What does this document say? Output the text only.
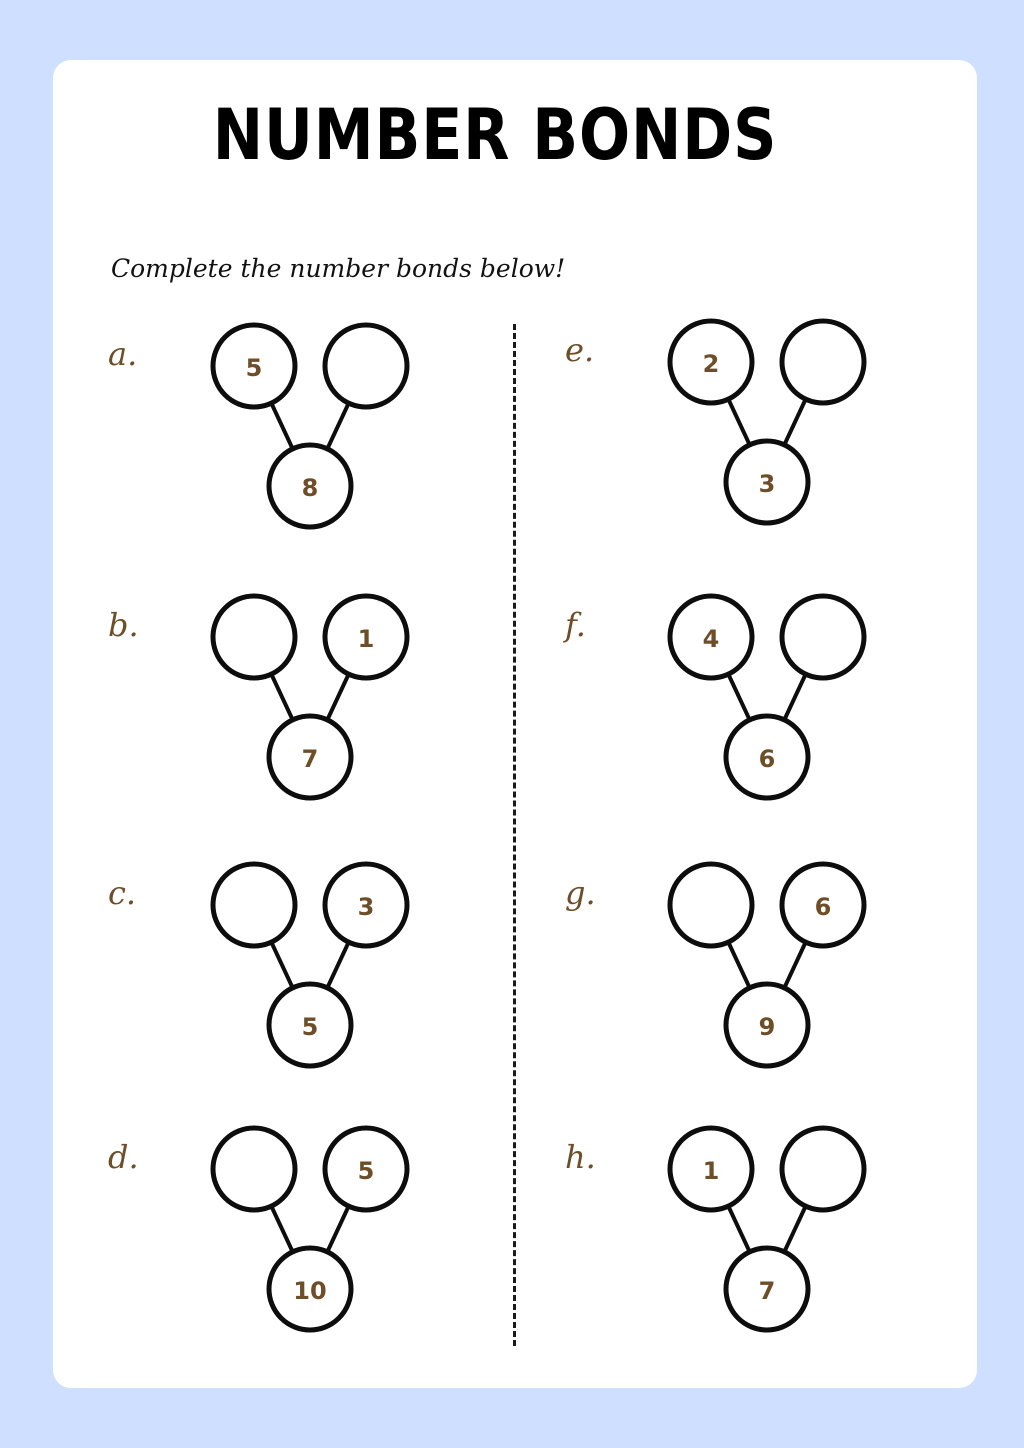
NUMBER BONDS

Complete the number bonds below!

a.	5
8
b.	1
7
c.	3
5
d.	5
10
e.	2
3
f.	4
6
g.	6
9
h.	1
7
